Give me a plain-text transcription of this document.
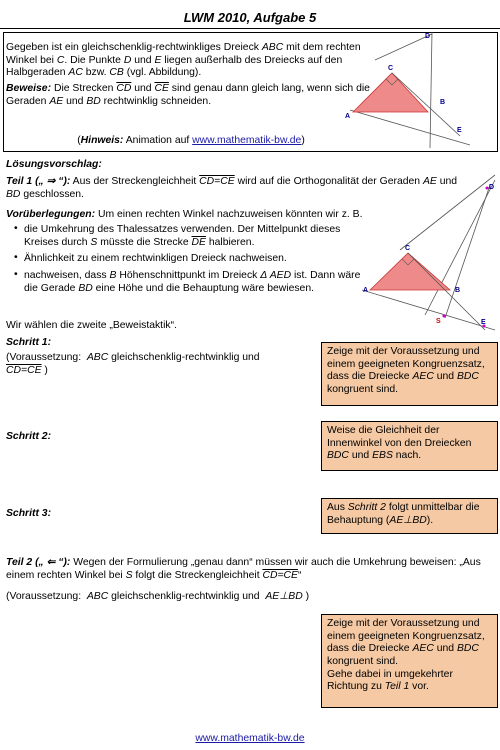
LWM 2010, Aufgabe 5
Gegeben ist ein gleichschenklig-rechtwinkliges Dreieck ABC mit dem rechten Winkel bei C. Die Punkte D und E liegen außerhalb des Dreiecks auf den Halbgeraden AC bzw. CB (vgl. Abbildung).
Beweise: Die Strecken $\overline{CD}$ und $\overline{CE}$ sind genau dann gleich lang, wenn sich die Geraden AE und BD rechtwinklig schneiden.
(Hinweis: Animation auf www.mathematik-bw.de)
D
C
B
A
E
Lösungsvorschlag:
Teil 1 („ ⇒ “): Aus der Streckengleichheit CD=CE wird auf die Orthogonalität der Geraden AE und BD geschlossen.
Vorüberlegungen: Um einen rechten Winkel nachzuweisen könnten wir z. B.
• die Umkehrung des Thalessatzes verwenden. Der Mittelpunkt dieses Kreises durch S müsste die Strecke $\overline{DE}$ halbieren.
• Ähnlichkeit zu einem rechtwinkligen Dreieck nachweisen.
• nachweisen, dass B Höhenschnittpunkt im Dreieck Δ AED ist. Dann wäre die Gerade BD eine Höhe und die Behauptung wäre bewiesen.
D
C
B
A
S	E
Wir wählen die zweite „Beweistaktik“.
Schritt 1:
(Voraussetzung: ABC gleichschenklig-rechtwinklig und
CD=CE )
Zeige mit der Voraussetzung und einem geeigneten Kongruenzsatz, dass die Dreiecke AEC und BDC kongruent sind.
Schritt 2:
Weise die Gleichheit der Innenwinkel von den Dreiecken BDC und EBS nach.
Schritt 3:
Aus Schritt 2 folgt unmittelbar die Behauptung (AE⊥BD).
Teil 2 („ ⇐ “): Wegen der Formulierung „genau dann“ müssen wir auch die Umkehrung beweisen: „Aus einem rechten Winkel bei S folgt die Streckengleichheit CD=CE“
(Voraussetzung: ABC gleichschenklig-rechtwinklig und AE⊥BD )
Zeige mit der Voraussetzung und einem geeigneten Kongruenzsatz, dass die Dreiecke AEC und BDC kongruent sind.
Gehe dabei in umgekehrter Richtung zu Teil 1 vor.
www.mathematik-bw.de
